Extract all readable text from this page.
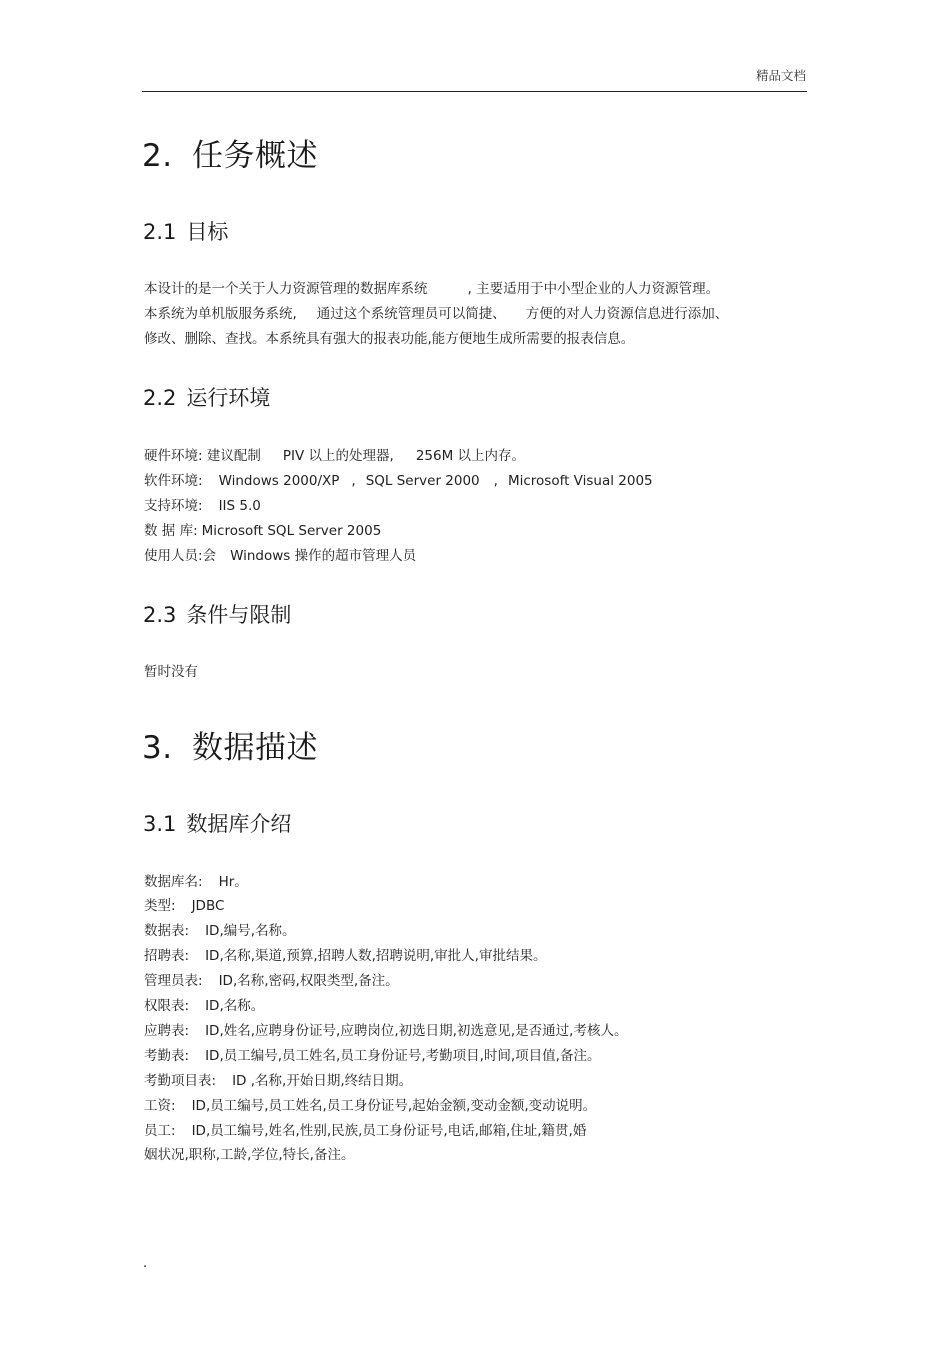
精品文档
2. 任务概述
2.1 目标
本设计的是一个关于人力资源管理的数据库系统	, 主要适用于中小型企业的人力资源管理。
本系统为单机版服务系统, 通过这个系统管理员可以简捷、 方便的对人力资源信息进行添加、
修改、删除、查找。本系统具有强大的报表功能,能方便地生成所需要的报表信息。
2.2 运行环境
硬件环境: 建议配制 PIV 以上的处理器, 256M 以上内存。
软件环境: Windows 2000/XP , SQL Server 2000 , Microsoft Visual 2005
支持环境: IIS 5.0
数 据 库: Microsoft SQL Server 2005
使用人员:会 Windows 操作的超市管理人员
2.3 条件与限制
暂时没有
3. 数据描述
3.1 数据库介绍
数据库名: Hr。
类型: JDBC
数据表: ID,编号,名称。
招聘表: ID,名称,渠道,预算,招聘人数,招聘说明,审批人,审批结果。
管理员表: ID,名称,密码,权限类型,备注。
权限表: ID,名称。
应聘表: ID,姓名,应聘身份证号,应聘岗位,初选日期,初选意见,是否通过,考核人。
考勤表: ID,员工编号,员工姓名,员工身份证号,考勤项目,时间,项目值,备注。
考勤项目表: ID ,名称,开始日期,终结日期。
工资: ID,员工编号,员工姓名,员工身份证号,起始金额,变动金额,变动说明。
员工: ID,员工编号,姓名,性别,民族,员工身份证号,电话,邮箱,住址,籍贯,婚
姻状况,职称,工龄,学位,特长,备注。
.
